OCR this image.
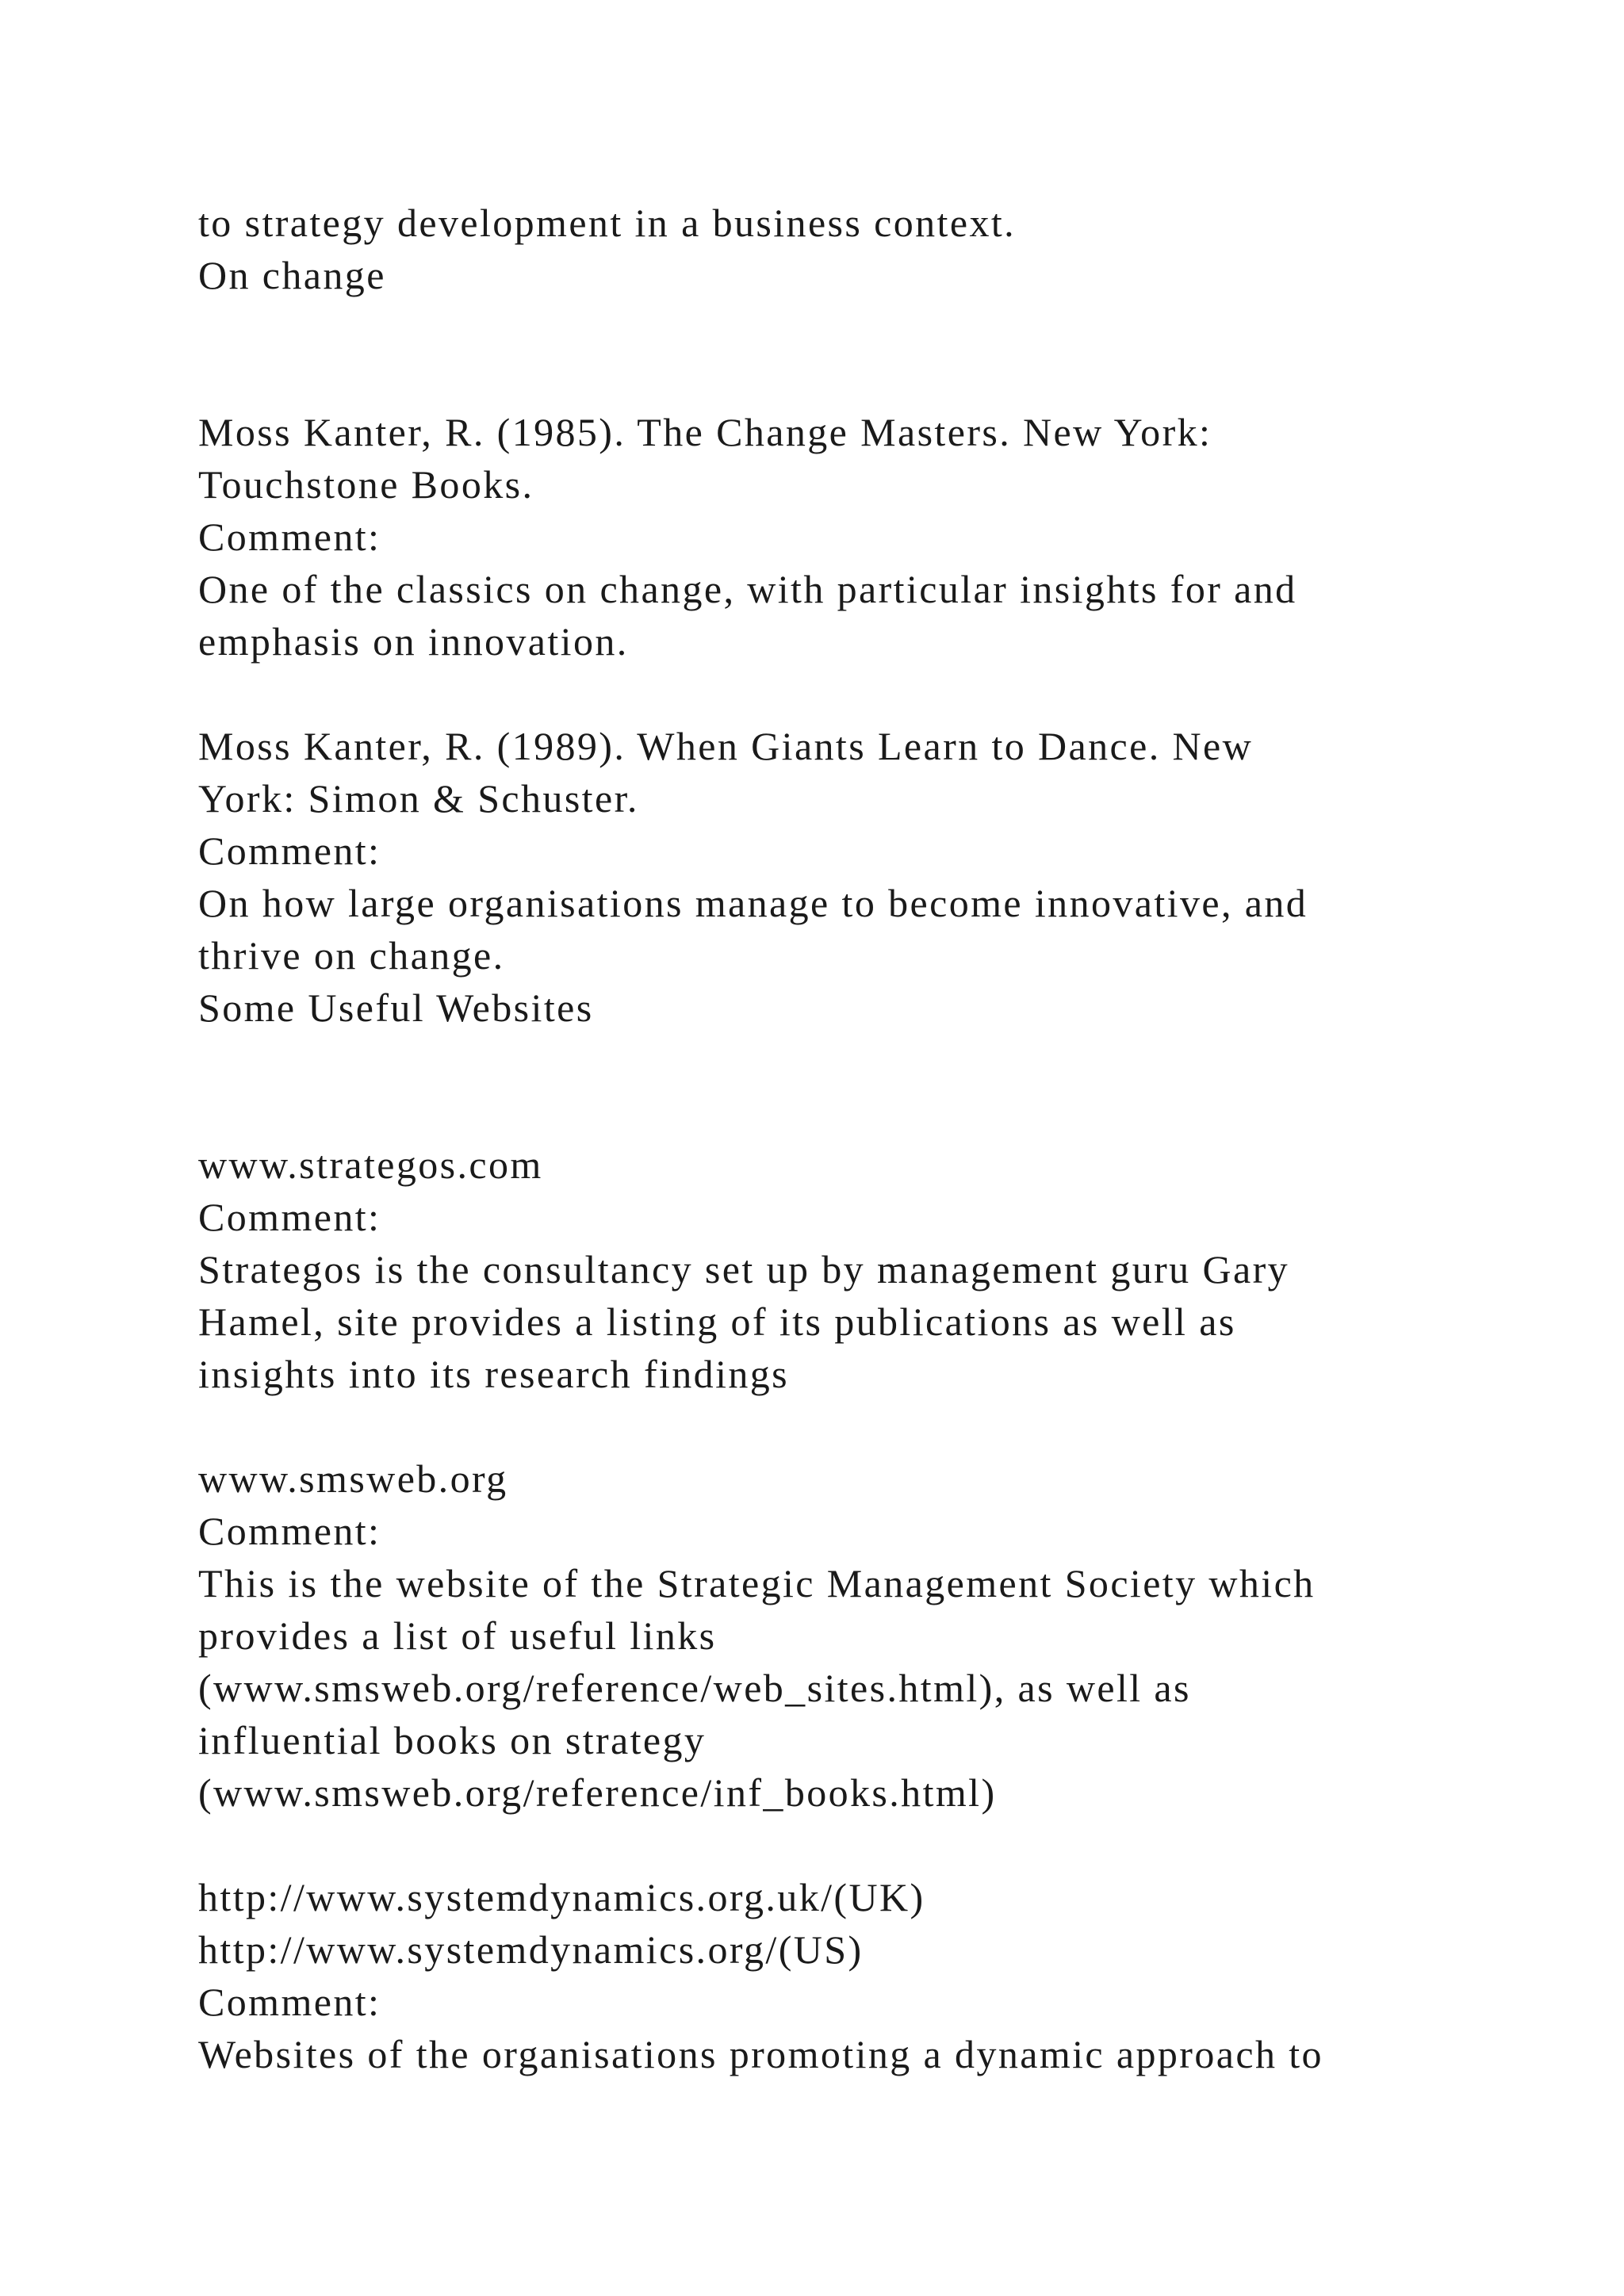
to strategy development in a business context.

On change

Moss Kanter, R. (1985). The Change Masters. New York:

Touchstone Books.

Comment:

One of the classics on change, with particular insights for and

emphasis on innovation.

Moss Kanter, R. (1989). When Giants Learn to Dance. New

York: Simon & Schuster.

Comment:

On how large organisations manage to become innovative, and

thrive on change.

Some Useful Websites

www.strategos.com

Comment:

Strategos is the consultancy set up by management guru Gary

Hamel, site provides a listing of its publications as well as

insights into its research findings

www.smsweb.org

Comment:

This is the website of the Strategic Management Society which

provides a list of useful links

(www.smsweb.org/reference/web_sites.html), as well as

influential books on strategy

(www.smsweb.org/reference/inf_books.html)

http://www.systemdynamics.org.uk/(UK)

http://www.systemdynamics.org/(US)

Comment:

Websites of the organisations promoting a dynamic approach to
